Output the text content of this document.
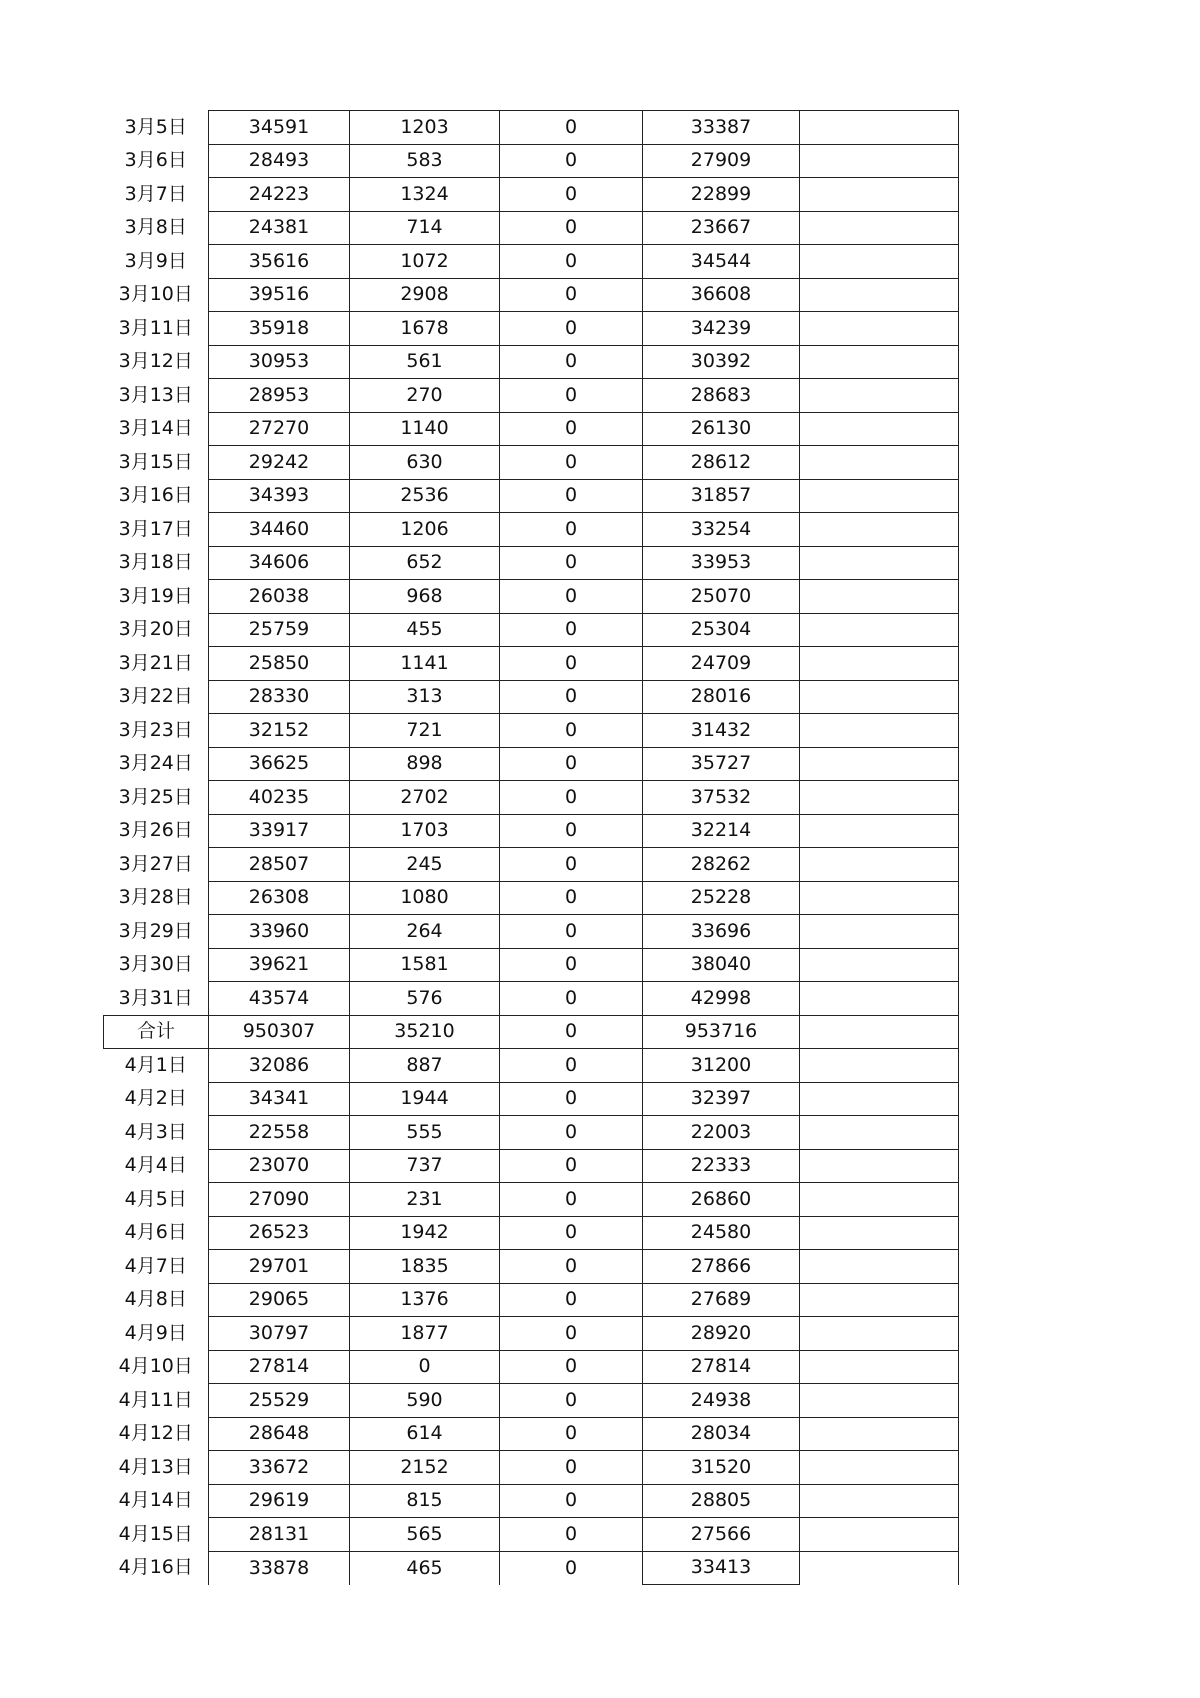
3月5日	34591	1203	0	33387	
3月6日	28493	583	0	27909	
3月7日	24223	1324	0	22899	
3月8日	24381	714	0	23667	
3月9日	35616	1072	0	34544	
3月10日	39516	2908	0	36608	
3月11日	35918	1678	0	34239	
3月12日	30953	561	0	30392	
3月13日	28953	270	0	28683	
3月14日	27270	1140	0	26130	
3月15日	29242	630	0	28612	
3月16日	34393	2536	0	31857	
3月17日	34460	1206	0	33254	
3月18日	34606	652	0	33953	
3月19日	26038	968	0	25070	
3月20日	25759	455	0	25304	
3月21日	25850	1141	0	24709	
3月22日	28330	313	0	28016	
3月23日	32152	721	0	31432	
3月24日	36625	898	0	35727	
3月25日	40235	2702	0	37532	
3月26日	33917	1703	0	32214	
3月27日	28507	245	0	28262	
3月28日	26308	1080	0	25228	
3月29日	33960	264	0	33696	
3月30日	39621	1581	0	38040	
3月31日	43574	576	0	42998	
合计	950307	35210	0	953716	
4月1日	32086	887	0	31200	
4月2日	34341	1944	0	32397	
4月3日	22558	555	0	22003	
4月4日	23070	737	0	22333	
4月5日	27090	231	0	26860	
4月6日	26523	1942	0	24580	
4月7日	29701	1835	0	27866	
4月8日	29065	1376	0	27689	
4月9日	30797	1877	0	28920	
4月10日	27814	0	0	27814	
4月11日	25529	590	0	24938	
4月12日	28648	614	0	28034	
4月13日	33672	2152	0	31520	
4月14日	29619	815	0	28805	
4月15日	28131	565	0	27566	
4月16日	33878	465	0	33413	
